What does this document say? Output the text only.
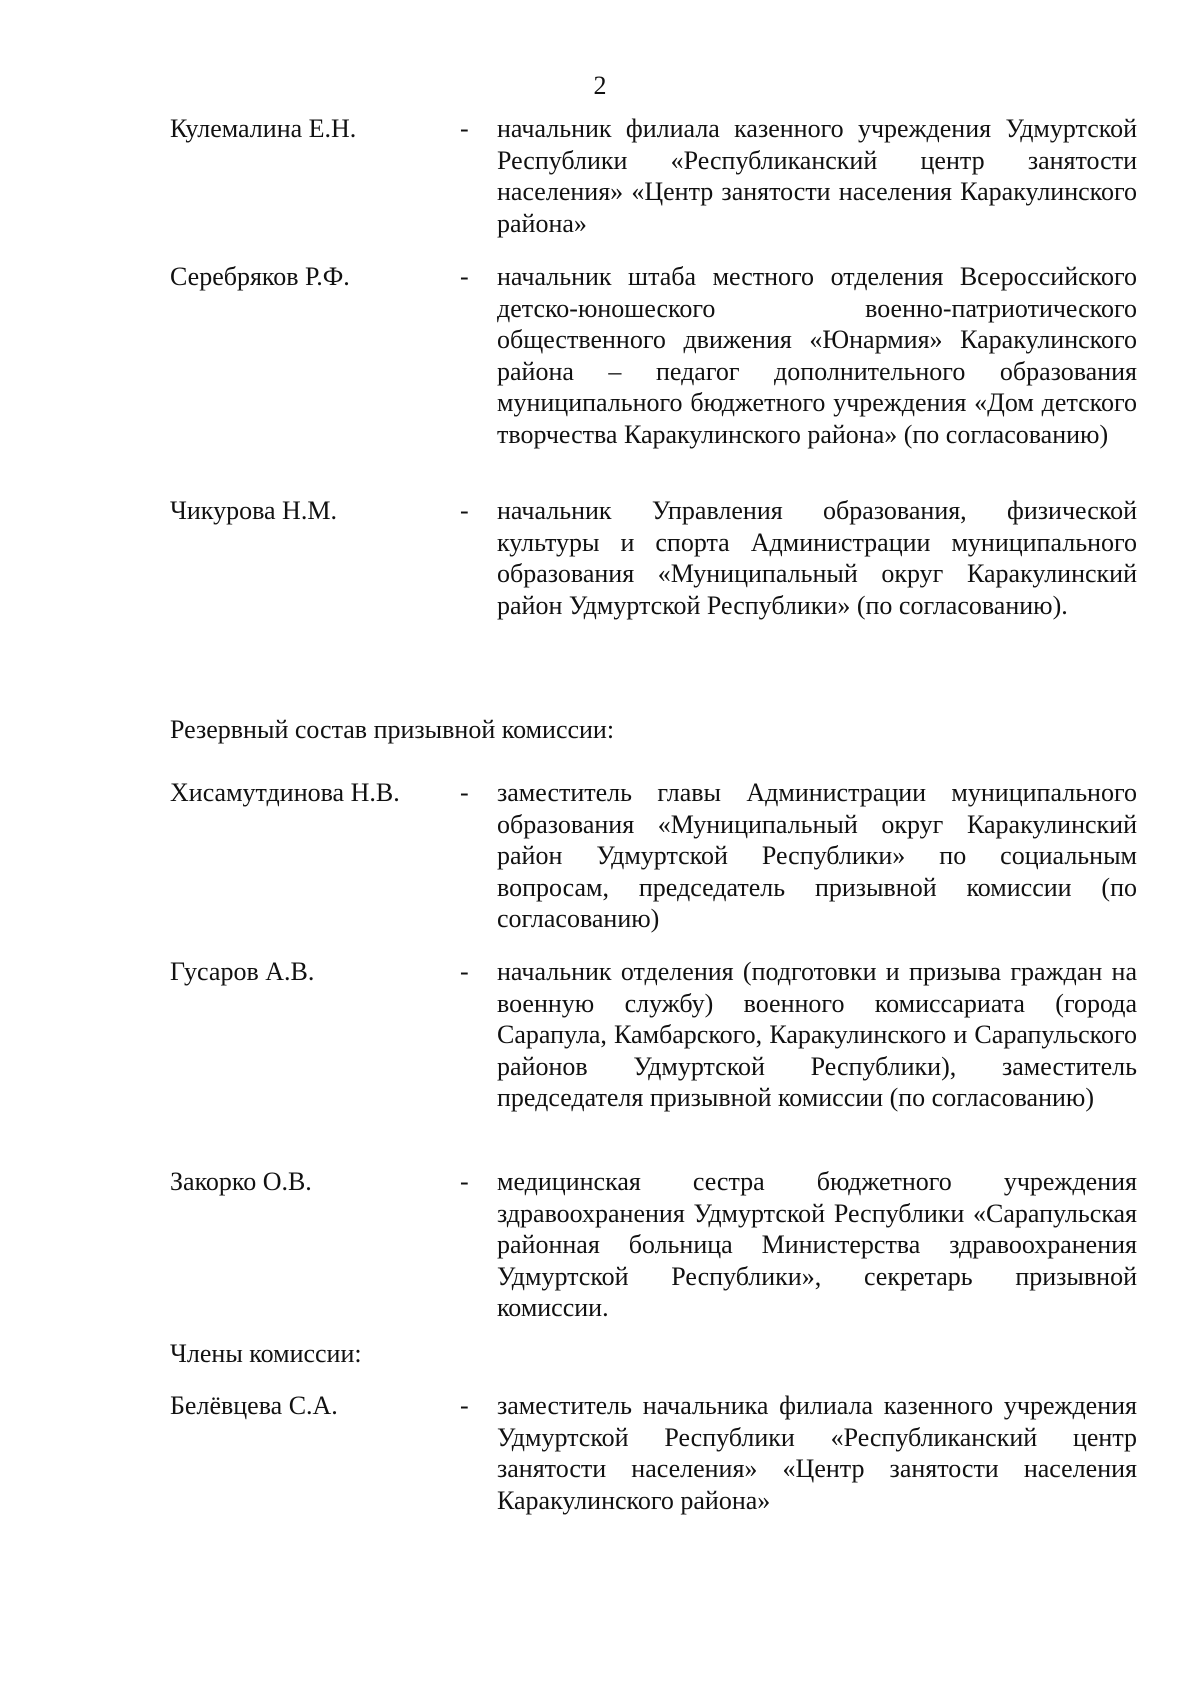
2
Кулемалина Е.Н.	- начальник филиала казенного учреждения Удмуртской Республики «Республиканский центр занятости населения» «Центр занятости населения Каракулинского района»
Серебряков Р.Ф.	- начальник штаба местного отделения Всероссийского детско-юношеского военно-патриотического общественного движения «Юнармия» Каракулинского района – педагог дополнительного образования муниципального бюджетного учреждения «Дом детского творчества Каракулинского района» (по согласованию)
Чикурова Н.М.	- начальник Управления образования, физической культуры и спорта Администрации муниципального образования «Муниципальный округ Каракулинский район Удмуртской Республики» (по согласованию).
Резервный состав призывной комиссии:
Хисамутдинова Н.В. - заместитель главы Администрации муниципального образования «Муниципальный округ Каракулинский район Удмуртской Республики» по социальным вопросам, председатель призывной комиссии (по согласованию)
Гусаров А.В.	- начальник отделения (подготовки и призыва граждан на военную службу) военного комиссариата (города Сарапула, Камбарского, Каракулинского и Сарапульского районов Удмуртской Республики), заместитель председателя призывной комиссии (по согласованию)
Закорко О.В.	- медицинская сестра бюджетного учреждения здравоохранения Удмуртской Республики «Сарапульская районная больница Министерства здравоохранения Удмуртской Республики», секретарь призывной комиссии.
Члены комиссии:
Белёвцева С.А.	- заместитель начальника филиала казенного учреждения Удмуртской Республики «Республиканский центр занятости населения» «Центр занятости населения Каракулинского района»
